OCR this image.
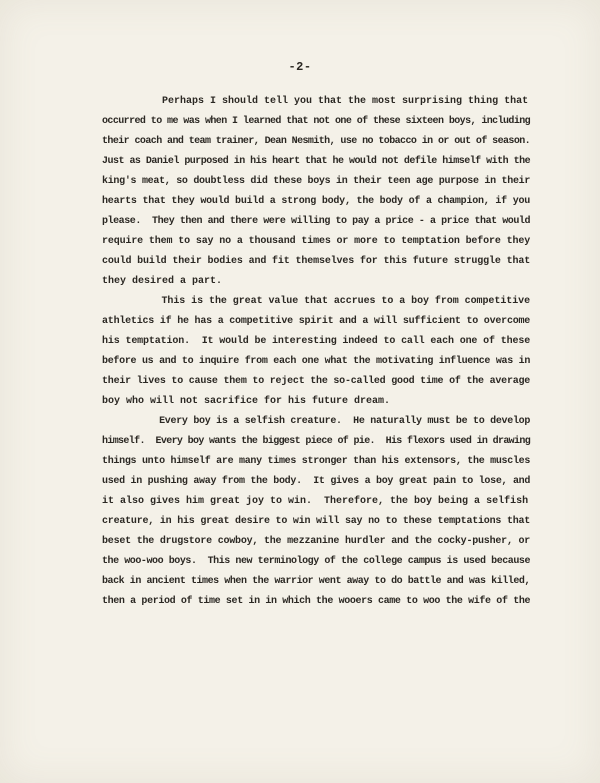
-2-
Perhaps I should tell you that the most surprising thing that
occurred to me was when I learned that not one of these sixteen boys, including
their coach and team trainer, Dean Nesmith, use no tobacco in or out of season.
Just as Daniel purposed in his heart that he would not defile himself with the
king's meat, so doubtless did these boys in their teen age purpose in their
hearts that they would build a strong body, the body of a champion, if you
please.  They then and there were willing to pay a price - a price that would
require them to say no a thousand times or more to temptation before they
could build their bodies and fit themselves for this future struggle that
they desired a part.
This is the great value that accrues to a boy from competitive
athletics if he has a competitive spirit and a will sufficient to overcome
his temptation.  It would be interesting indeed to call each one of these
before us and to inquire from each one what the motivating influence was in
their lives to cause them to reject the so-called good time of the average
boy who will not sacrifice for his future dream.
Every boy is a selfish creature.  He naturally must be to develop
himself.  Every boy wants the biggest piece of pie.  His flexors used in drawing
things unto himself are many times stronger than his extensors, the muscles
used in pushing away from the body.  It gives a boy great pain to lose, and
it also gives him great joy to win.  Therefore, the boy being a selfish
creature, in his great desire to win will say no to these temptations that
beset the drugstore cowboy, the mezzanine hurdler and the cocky-pusher, or
the woo-woo boys.  This new terminology of the college campus is used because
back in ancient times when the warrior went away to do battle and was killed,
then a period of time set in in which the wooers came to woo the wife of the
